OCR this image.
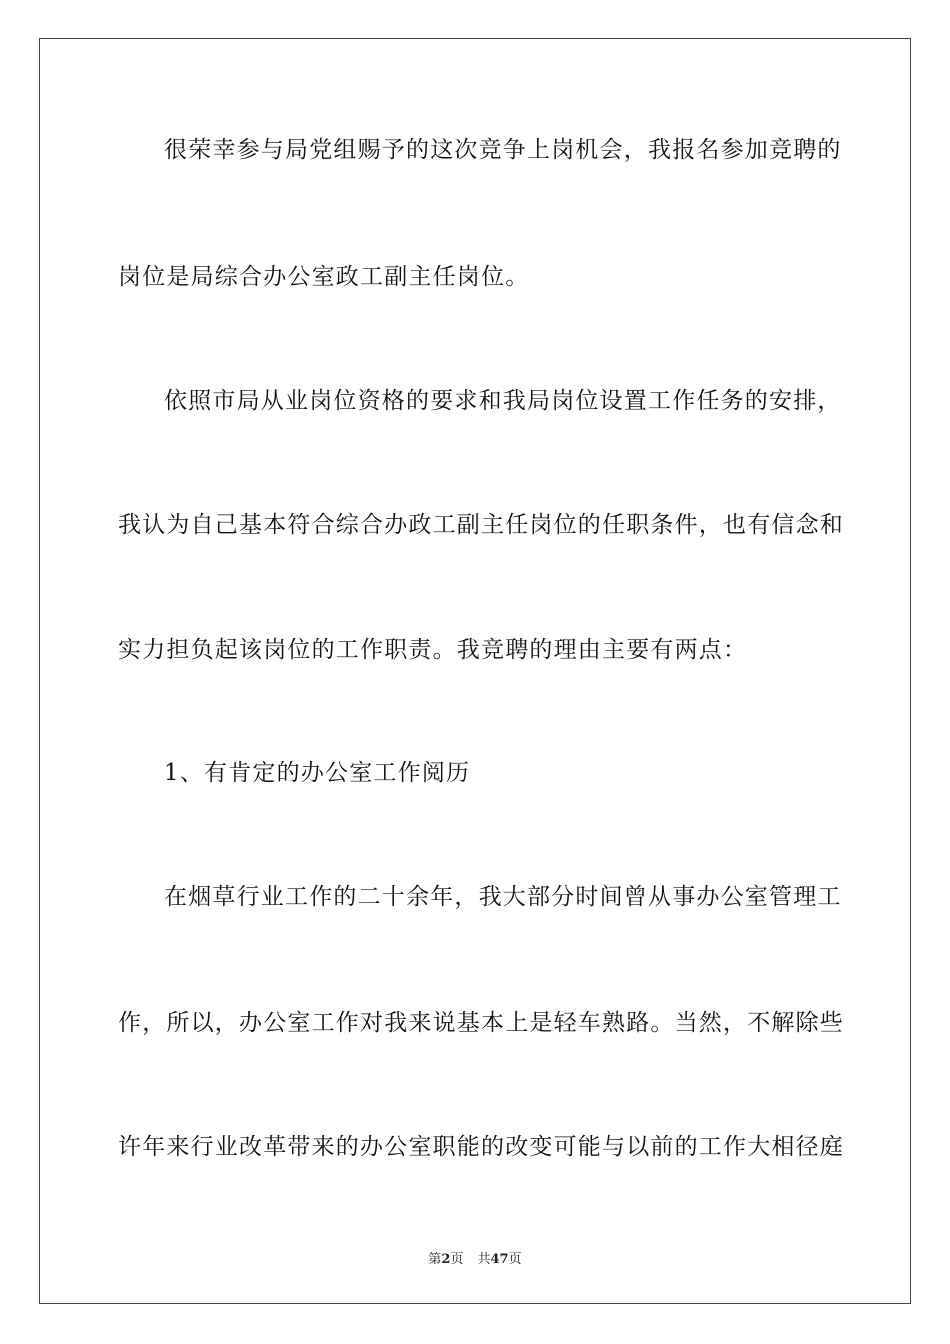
很荣幸参与局党组赐予的这次竞争上岗机会，我报名参加竞聘的
岗位是局综合办公室政工副主任岗位。
依照市局从业岗位资格的要求和我局岗位设置工作任务的安排，
我认为自己基本符合综合办政工副主任岗位的任职条件，也有信念和
实力担负起该岗位的工作职责。我竞聘的理由主要有两点：
1、有肯定的办公室工作阅历
在烟草行业工作的二十余年，我大部分时间曾从事办公室管理工
作，所以，办公室工作对我来说基本上是轻车熟路。当然，不解除些
许年来行业改革带来的办公室职能的改变可能与以前的工作大相径庭
第2页 共47页
